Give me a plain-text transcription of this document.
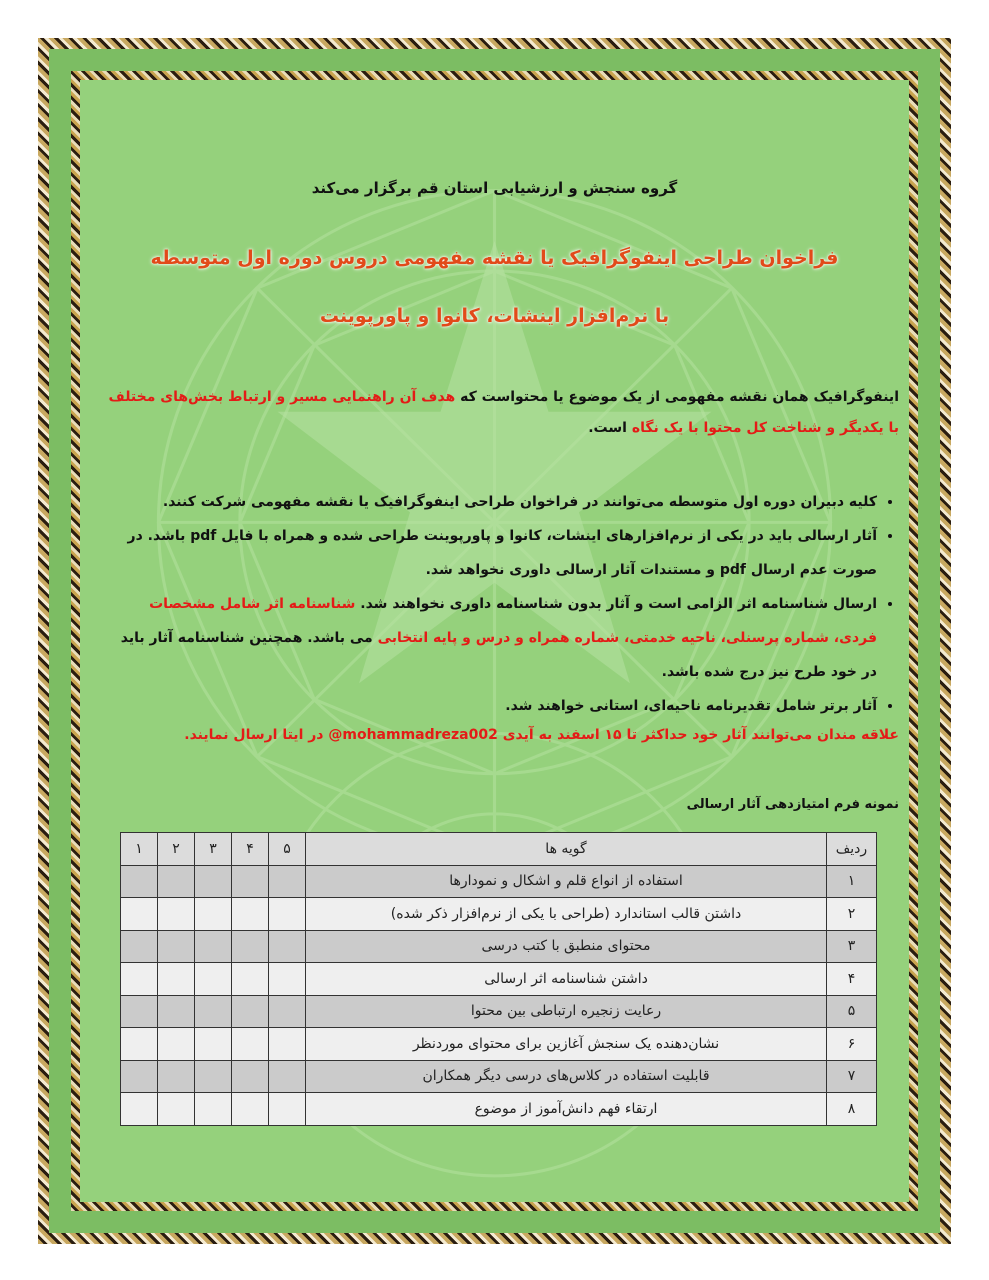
گروه سنجش و ارزشیابی استان قم برگزار می‌کند
فراخوان طراحی اینفوگرافیک یا نقشه مفهومی دروس دوره اول متوسطه
با نرم‌افزار اینشات، کانوا و پاورپوینت
اینفوگرافیک همان نقشه مفهومی از یک موضوع یا محتواست که هدف آن راهنمایی مسیر و ارتباط بخش‌های مختلف با یکدیگر و شناخت کل محتوا با یک نگاه است.
• کلیه دبیران دوره اول متوسطه می‌توانند در فراخوان طراحی اینفوگرافیک یا نقشه مفهومی شرکت کنند.
• آثار ارسالی باید در یکی از نرم‌افزارهای اینشات، کانوا و پاورپوینت طراحی شده و همراه با فایل pdf باشد. در صورت عدم ارسال pdf و مستندات آثار ارسالی داوری نخواهد شد.
• ارسال شناسنامه اثر الزامی است و آثار بدون شناسنامه داوری نخواهند شد. شناسنامه اثر شامل مشخصات فردی، شماره پرسنلی، ناحیه خدمتی، شماره همراه و درس و پایه انتخابی می باشد. همچنین شناسنامه آثار باید در خود طرح نیز درج شده باشد.
• آثار برتر شامل تقدیرنامه ناحیه‌ای، استانی خواهند شد.
علاقه مندان می‌توانند آثار خود حداکثر تا ۱۵ اسفند به آیدی mohammadreza002@ در ایتا ارسال نمایند.
نمونه فرم امتیازدهی آثار ارسالی
ردیف	گویه ها	۵	۴	۳	۲	۱
۱	استفاده از انواع قلم و اشکال و نمودارها					
۲	داشتن قالب استاندارد (طراحی با یکی از نرم‌افزار ذکر شده)					
۳	محتوای منطبق با کتب درسی					
۴	داشتن شناسنامه اثر ارسالی					
۵	رعایت زنجیره ارتباطی بین محتوا					
۶	نشان‌دهنده یک سنجش آغازین برای محتوای موردنظر					
۷	قابلیت استفاده در کلاس‌های درسی دیگر همکاران					
۸	ارتقاء فهم دانش‌آموز از موضوع					
